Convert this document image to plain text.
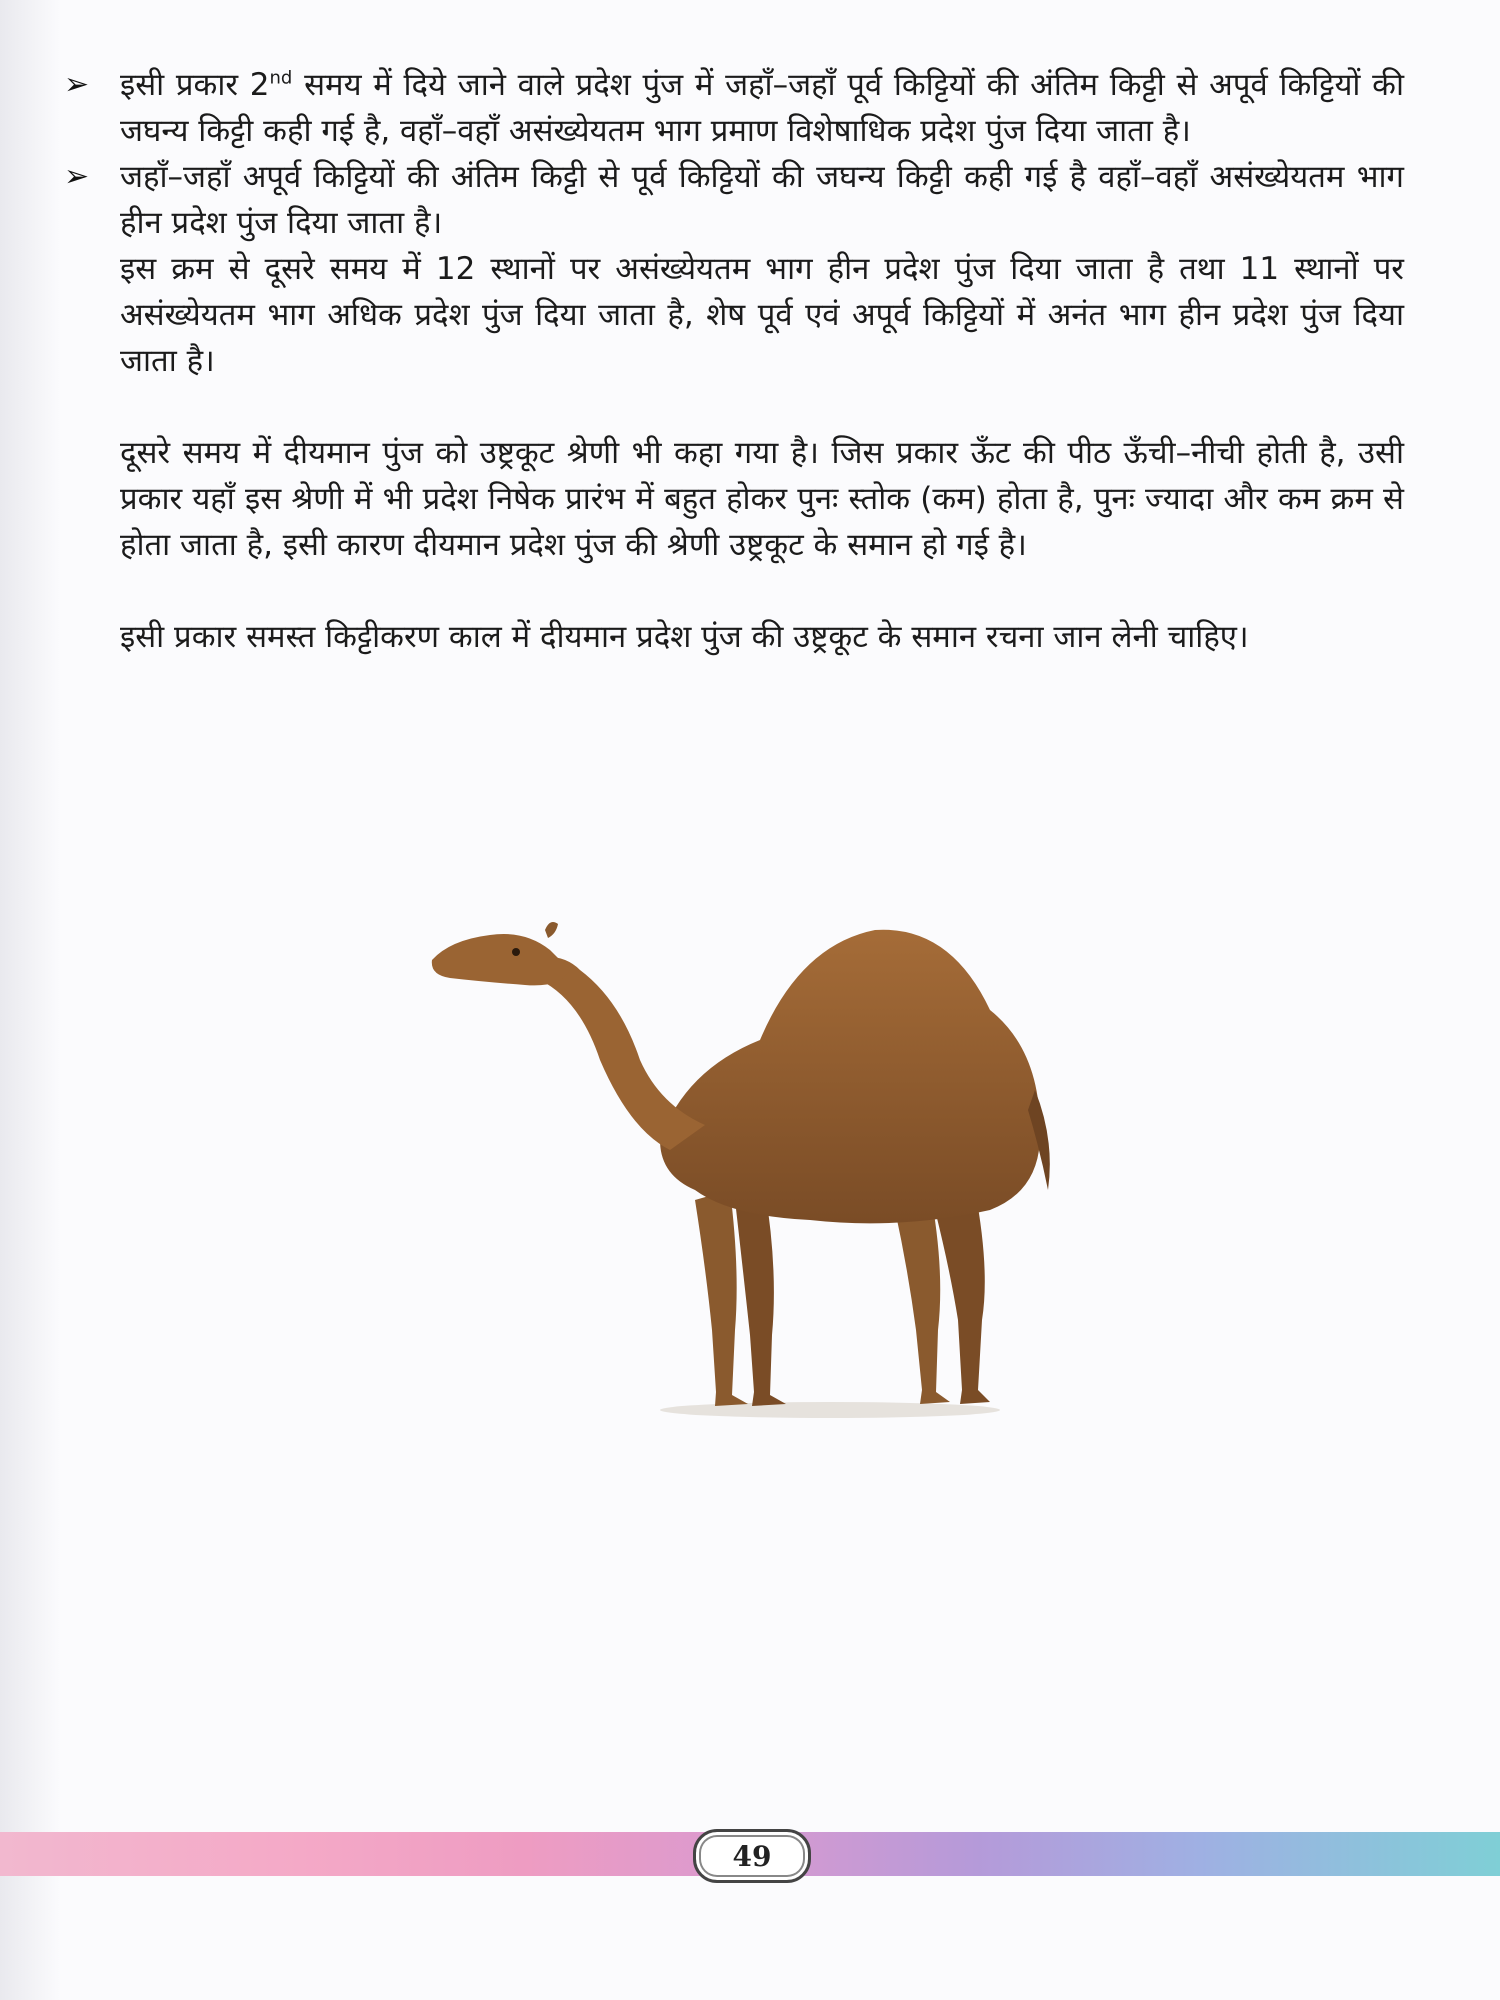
➢ इसी प्रकार 2nd समय में दिये जाने वाले प्रदेश पुंज में जहाँ–जहाँ पूर्व किट्टियों की अंतिम किट्टी से अपूर्व किट्टियों की जघन्य किट्टी कही गई है, वहाँ–वहाँ असंख्येयतम भाग प्रमाण विशेषाधिक प्रदेश पुंज दिया जाता है।
➢ जहाँ–जहाँ अपूर्व किट्टियों की अंतिम किट्टी से पूर्व किट्टियों की जघन्य किट्टी कही गई है वहाँ–वहाँ असंख्येयतम भाग हीन प्रदेश पुंज दिया जाता है।
इस क्रम से दूसरे समय में 12 स्थानों पर असंख्येयतम भाग हीन प्रदेश पुंज दिया जाता है तथा 11 स्थानों पर असंख्येयतम भाग अधिक प्रदेश पुंज दिया जाता है, शेष पूर्व एवं अपूर्व किट्टियों में अनंत भाग हीन प्रदेश पुंज दिया जाता है।
दूसरे समय में दीयमान पुंज को उष्ट्रकूट श्रेणी भी कहा गया है। जिस प्रकार ऊँट की पीठ ऊँची–नीची होती है, उसी प्रकार यहाँ इस श्रेणी में भी प्रदेश निषेक प्रारंभ में बहुत होकर पुनः स्तोक (कम) होता है, पुनः ज्यादा और कम क्रम से होता जाता है, इसी कारण दीयमान प्रदेश पुंज की श्रेणी उष्ट्रकूट के समान हो गई है।
इसी प्रकार समस्त किट्टीकरण काल में दीयमान प्रदेश पुंज की उष्ट्रकूट के समान रचना जान लेनी चाहिए।
49
